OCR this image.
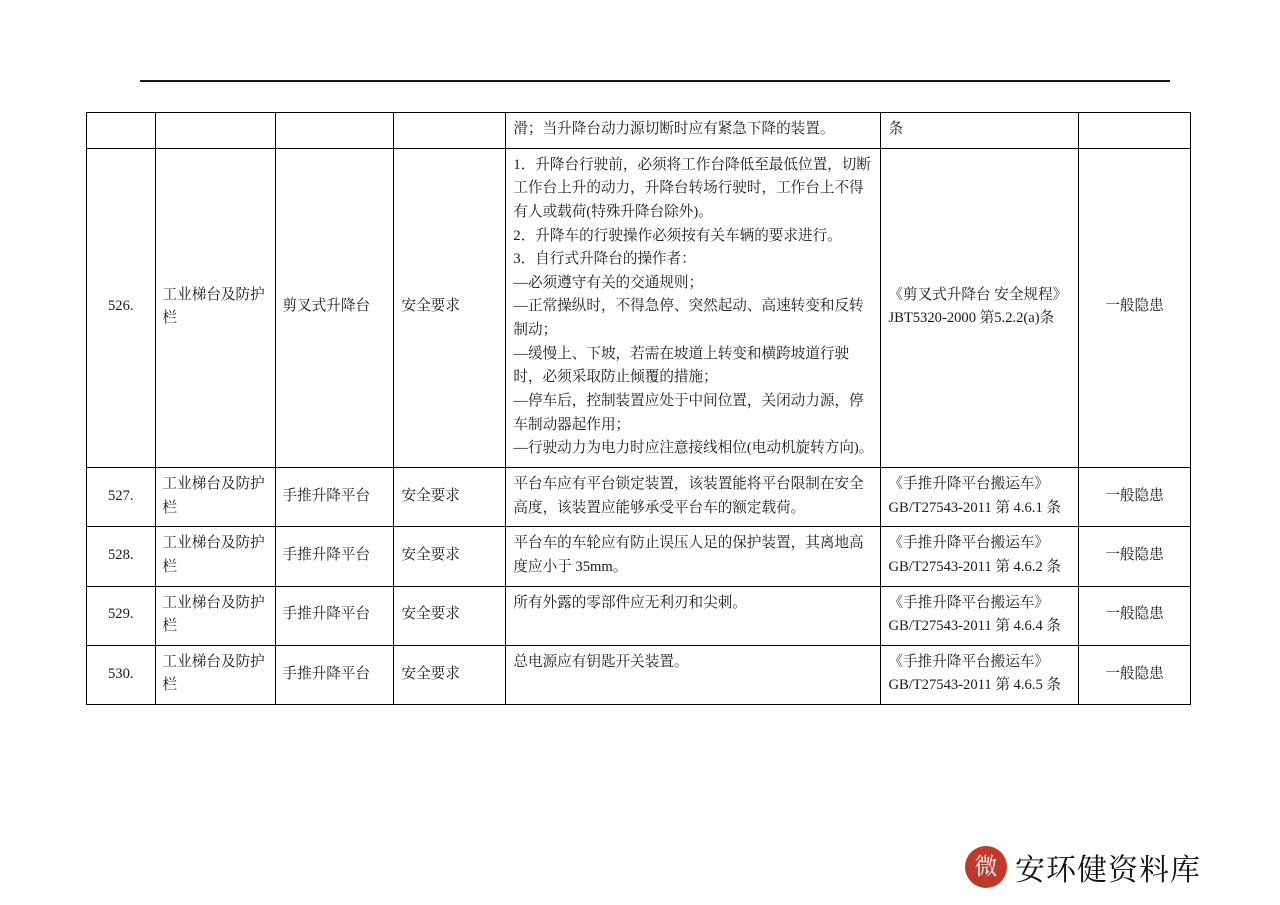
				滑；当升降台动力源切断时应有紧急下降的装置。	条	
526.	工业梯台及防护栏	剪叉式升降台	安全要求	
1．升降台行驶前，必须将工作台降低至最低位置，切断工作台上升的动力，升降台转场行驶时，工作台上不得有人或载荷(特殊升降台除外)。
2．升降车的行驶操作必须按有关车辆的要求进行。
3．自行式升降台的操作者：
—必须遵守有关的交通规则；
—正常操纵时，不得急停、突然起动、高速转变和反转制动；
—缓慢上、下坡，若需在坡道上转变和横跨坡道行驶时，必须采取防止倾覆的措施；
—停车后，控制装置应处于中间位置，关闭动力源，停车制动器起作用；
—行驶动力为电力时应注意接线相位(电动机旋转方向)。
	《剪叉式升降台 安全规程》JBT5320-2000 第5.2.2(a)条	一般隐患
527.	工业梯台及防护栏	手推升降平台	安全要求	平台车应有平台锁定装置，该装置能将平台限制在安全高度，该装置应能够承受平台车的额定载荷。	《手推升降平台搬运车》GB/T27543-2011 第 4.6.1 条	一般隐患
528.	工业梯台及防护栏	手推升降平台	安全要求	平台车的车轮应有防止误压人足的保护装置，其离地高度应小于 35mm。	《手推升降平台搬运车》GB/T27543-2011 第 4.6.2 条	一般隐患
529.	工业梯台及防护栏	手推升降平台	安全要求	所有外露的零部件应无利刃和尖刺。	《手推升降平台搬运车》GB/T27543-2011 第 4.6.4 条	一般隐患
530.	工业梯台及防护栏	手推升降平台	安全要求	总电源应有钥匙开关装置。	《手推升降平台搬运车》GB/T27543-2011 第 4.6.5 条	一般隐患
微 安环健资料库
